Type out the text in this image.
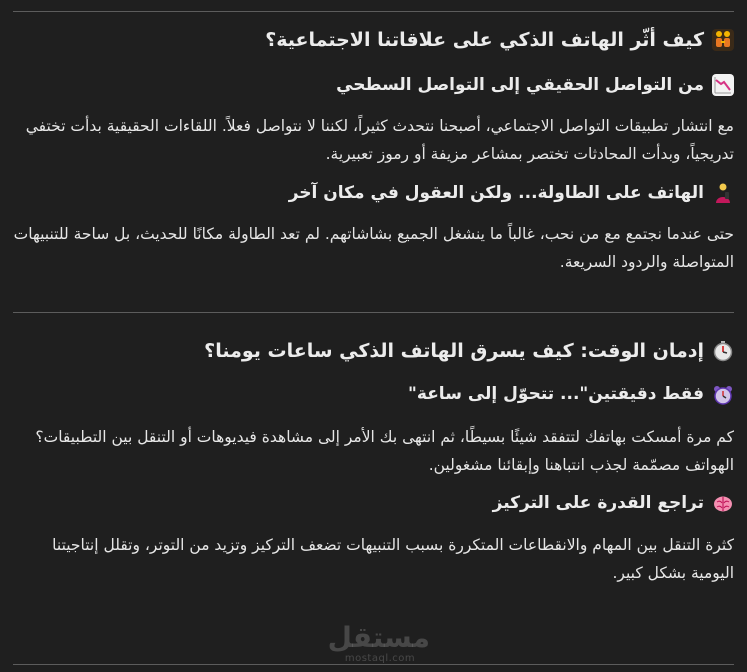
كيف أثّر الهاتف الذكي على علاقاتنا الاجتماعية؟
من التواصل الحقيقي إلى التواصل السطحي

مع انتشار تطبيقات التواصل الاجتماعي، أصبحنا نتحدث كثيراً، لكننا لا نتواصل فعلاً. اللقاءات الحقيقية بدأت تختفي تدريجياً، وبدأت المحادثات تختصر بمشاعر مزيفة أو رموز تعبيرية.

الهاتف على الطاولة... ولكن العقول في مكان آخر

حتى عندما نجتمع مع من نحب، غالباً ما ينشغل الجميع بشاشاتهم. لم تعد الطاولة مكانًا للحديث، بل ساحة للتنبيهات المتواصلة والردود السريعة.

إدمان الوقت: كيف يسرق الهاتف الذكي ساعات يومنا؟
فقط دقيقتين"... تتحوّل إلى ساعة"

كم مرة أمسكت بهاتفك لتتفقد شيئًا بسيطًا، ثم انتهى بك الأمر إلى مشاهدة فيديوهات أو التنقل بين التطبيقات؟ الهواتف مصمّمة لجذب انتباهنا وإبقائنا مشغولين.

تراجع القدرة على التركيز

كثرة التنقل بين المهام والانقطاعات المتكررة بسبب التنبيهات تضعف التركيز وتزيد من التوتر، وتقلل إنتاجيتنا اليومية بشكل كبير.

مستقل
mostaql.com
